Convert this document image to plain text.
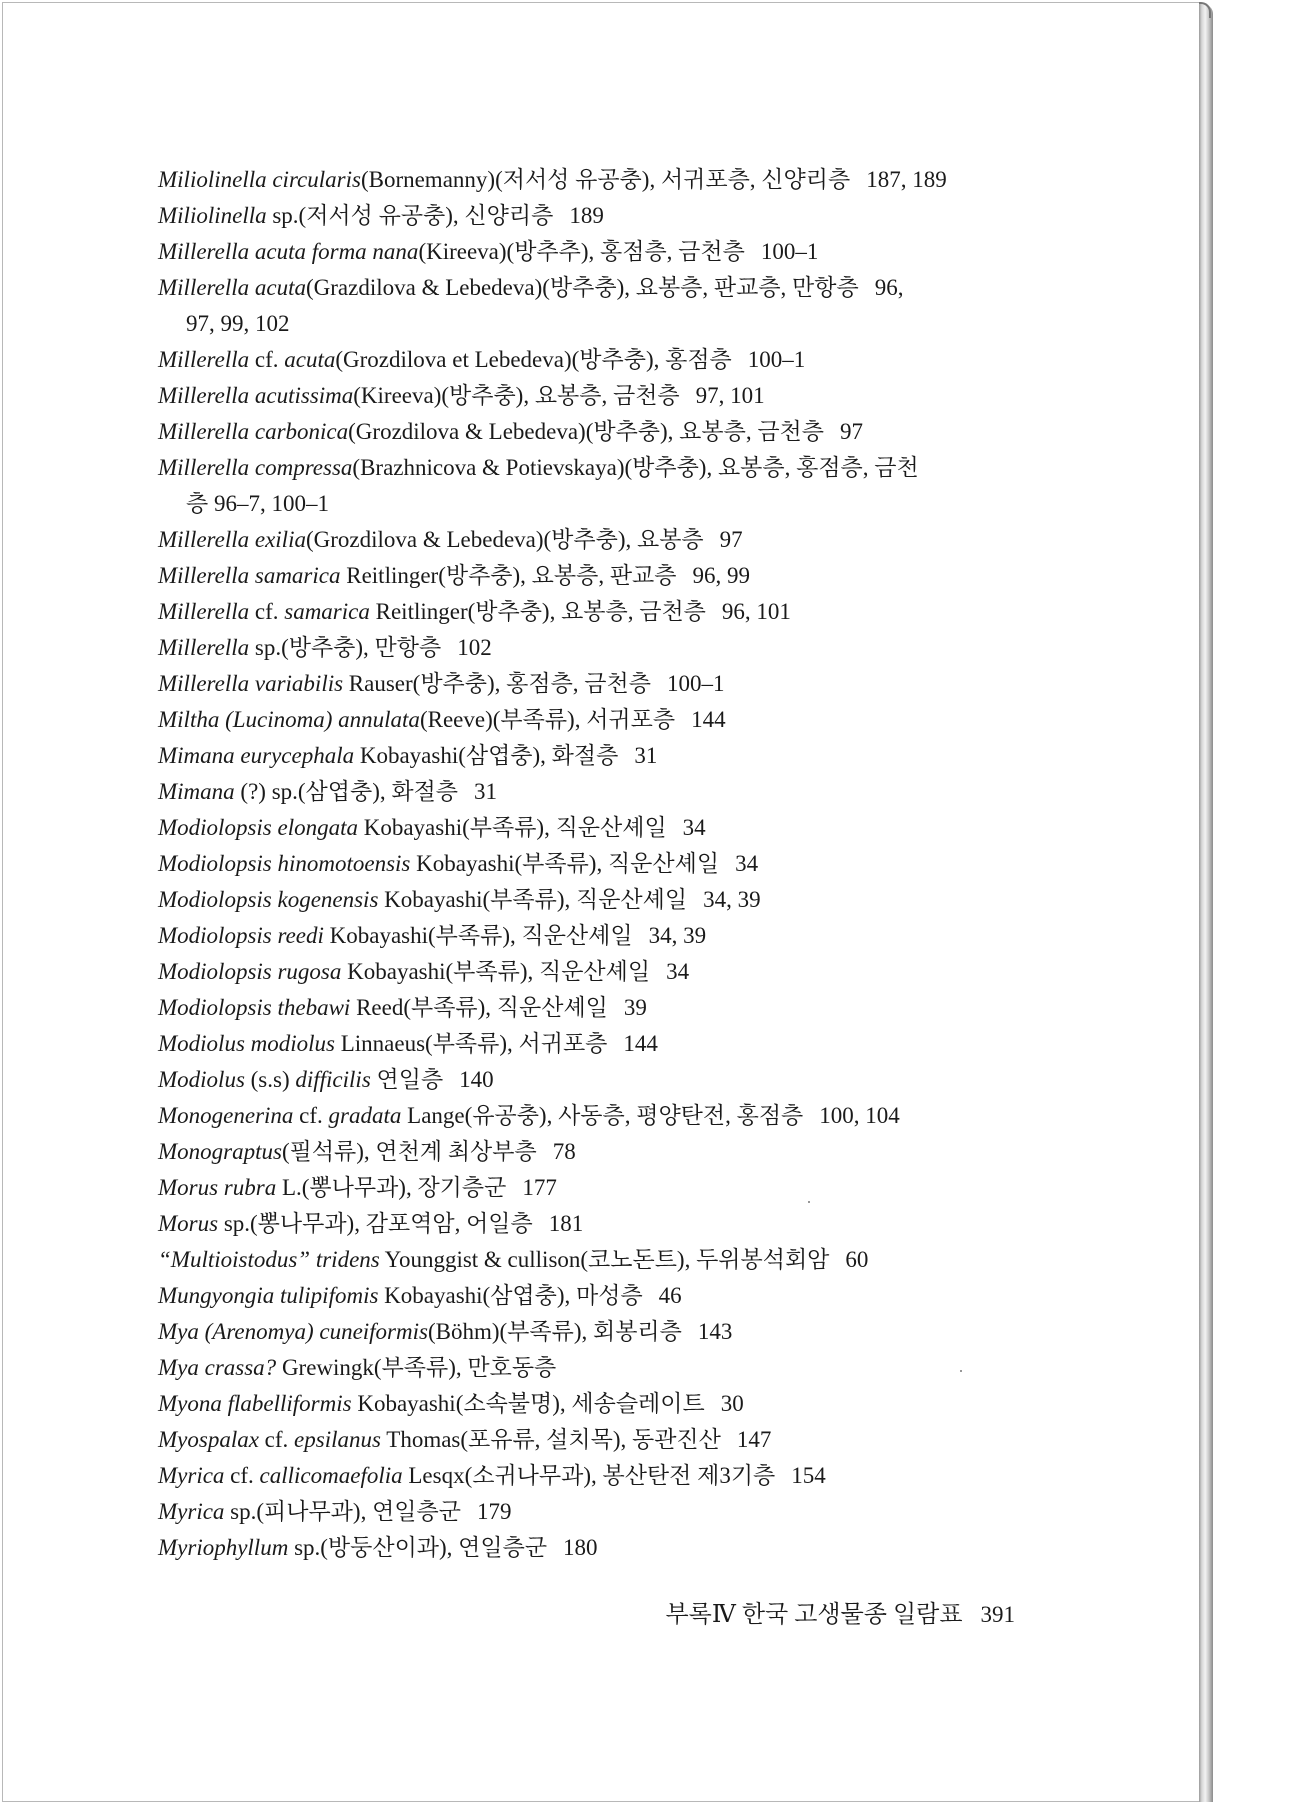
Miliolinella circularis(Bornemanny)(저서성 유공충), 서귀포층, 신양리층 187, 189
Miliolinella sp.(저서성 유공충), 신양리층 189
Millerella acuta forma nana(Kireeva)(방추추), 홍점층, 금천층 100–1
Millerella acuta(Grazdilova & Lebedeva)(방추충), 요봉층, 판교층, 만항층 96,
97, 99, 102
Millerella cf. acuta(Grozdilova et Lebedeva)(방추충), 홍점층 100–1
Millerella acutissima(Kireeva)(방추충), 요봉층, 금천층 97, 101
Millerella carbonica(Grozdilova & Lebedeva)(방추충), 요봉층, 금천층 97
Millerella compressa(Brazhnicova & Potievskaya)(방추충), 요봉층, 홍점층, 금천
층 96–7, 100–1
Millerella exilia(Grozdilova & Lebedeva)(방추충), 요봉층 97
Millerella samarica Reitlinger(방추충), 요봉층, 판교층 96, 99
Millerella cf. samarica Reitlinger(방추충), 요봉층, 금천층 96, 101
Millerella sp.(방추충), 만항층 102
Millerella variabilis Rauser(방추충), 홍점층, 금천층 100–1
Miltha (Lucinoma) annulata(Reeve)(부족류), 서귀포층 144
Mimana eurycephala Kobayashi(삼엽충), 화절층 31
Mimana (?) sp.(삼엽충), 화절층 31
Modiolopsis elongata Kobayashi(부족류), 직운산셰일 34
Modiolopsis hinomotoensis Kobayashi(부족류), 직운산셰일 34
Modiolopsis kogenensis Kobayashi(부족류), 직운산셰일 34, 39
Modiolopsis reedi Kobayashi(부족류), 직운산셰일 34, 39
Modiolopsis rugosa Kobayashi(부족류), 직운산셰일 34
Modiolopsis thebawi Reed(부족류), 직운산셰일 39
Modiolus modiolus Linnaeus(부족류), 서귀포층 144
Modiolus (s.s) difficilis 연일층 140
Monogenerina cf. gradata Lange(유공충), 사동층, 평양탄전, 홍점층 100, 104
Monograptus(필석류), 연천계 최상부층 78
Morus rubra L.(뽕나무과), 장기층군 177
Morus sp.(뽕나무과), 감포역암, 어일층 181
“Multioistodus” tridens Younggist & cullison(코노돈트), 두위봉석회암 60
Mungyongia tulipifomis Kobayashi(삼엽충), 마성층 46
Mya (Arenomya) cuneiformis(Böhm)(부족류), 회봉리층 143
Mya crassa? Grewingk(부족류), 만호동층
Myona flabelliformis Kobayashi(소속불명), 세송슬레이트 30
Myospalax cf. epsilanus Thomas(포유류, 설치목), 동관진산 147
Myrica cf. callicomaefolia Lesqx(소귀나무과), 봉산탄전 제3기층 154
Myrica sp.(피나무과), 연일층군 179
Myriophyllum sp.(방둥산이과), 연일층군 180
부록Ⅳ 한국 고생물종 일람표 391
